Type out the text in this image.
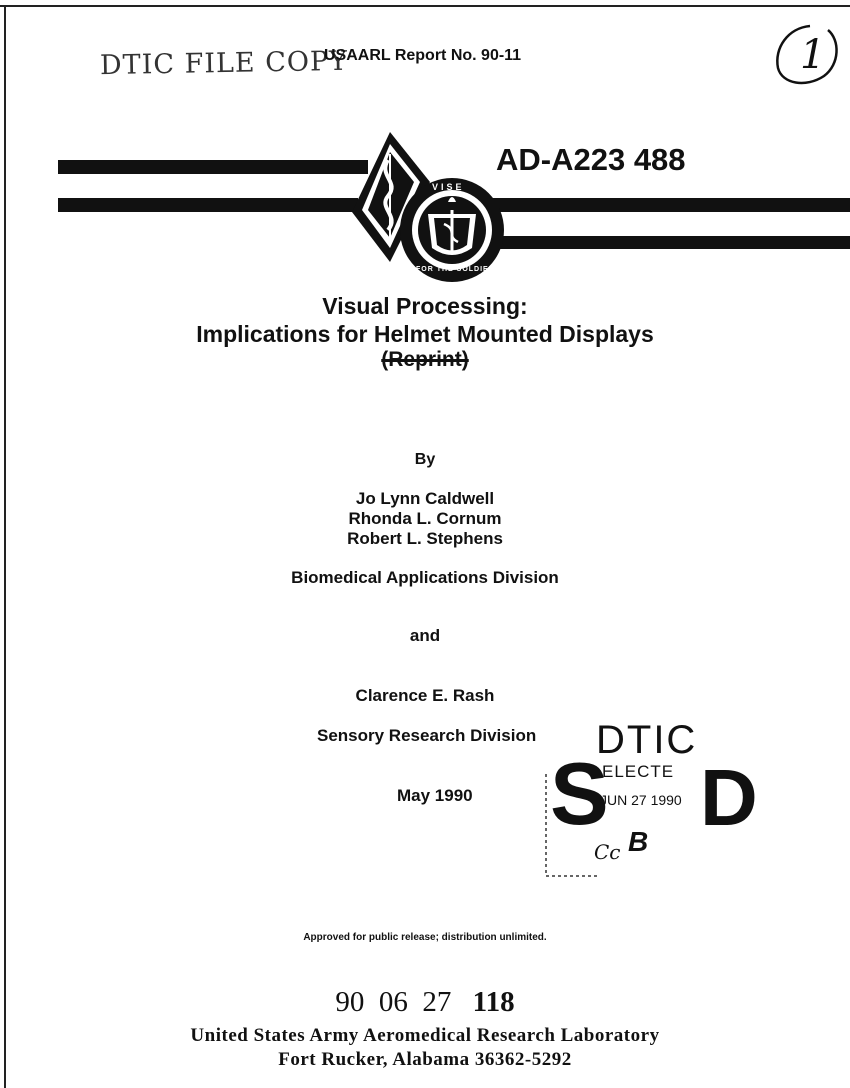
DTIC FILE COPY
USAARL Report No. 90-11	1
AD-A223 488
VISE
FOR THE SOLDIER
Visual Processing:
Implications for Helmet Mounted Displays
(Reprint)
By
Jo Lynn Caldwell
Rhonda L. Cornum
Robert L. Stephens
Biomedical Applications Division
and
Clarence E. Rash
Sensory Research Division
May 1990
DTIC
S
ELECTE
JUN 27 1990 D
B
Cc
Approved for public release; distribution unlimited.
90  06  27 118
United States Army Aeromedical Research Laboratory
Fort Rucker, Alabama 36362-5292
